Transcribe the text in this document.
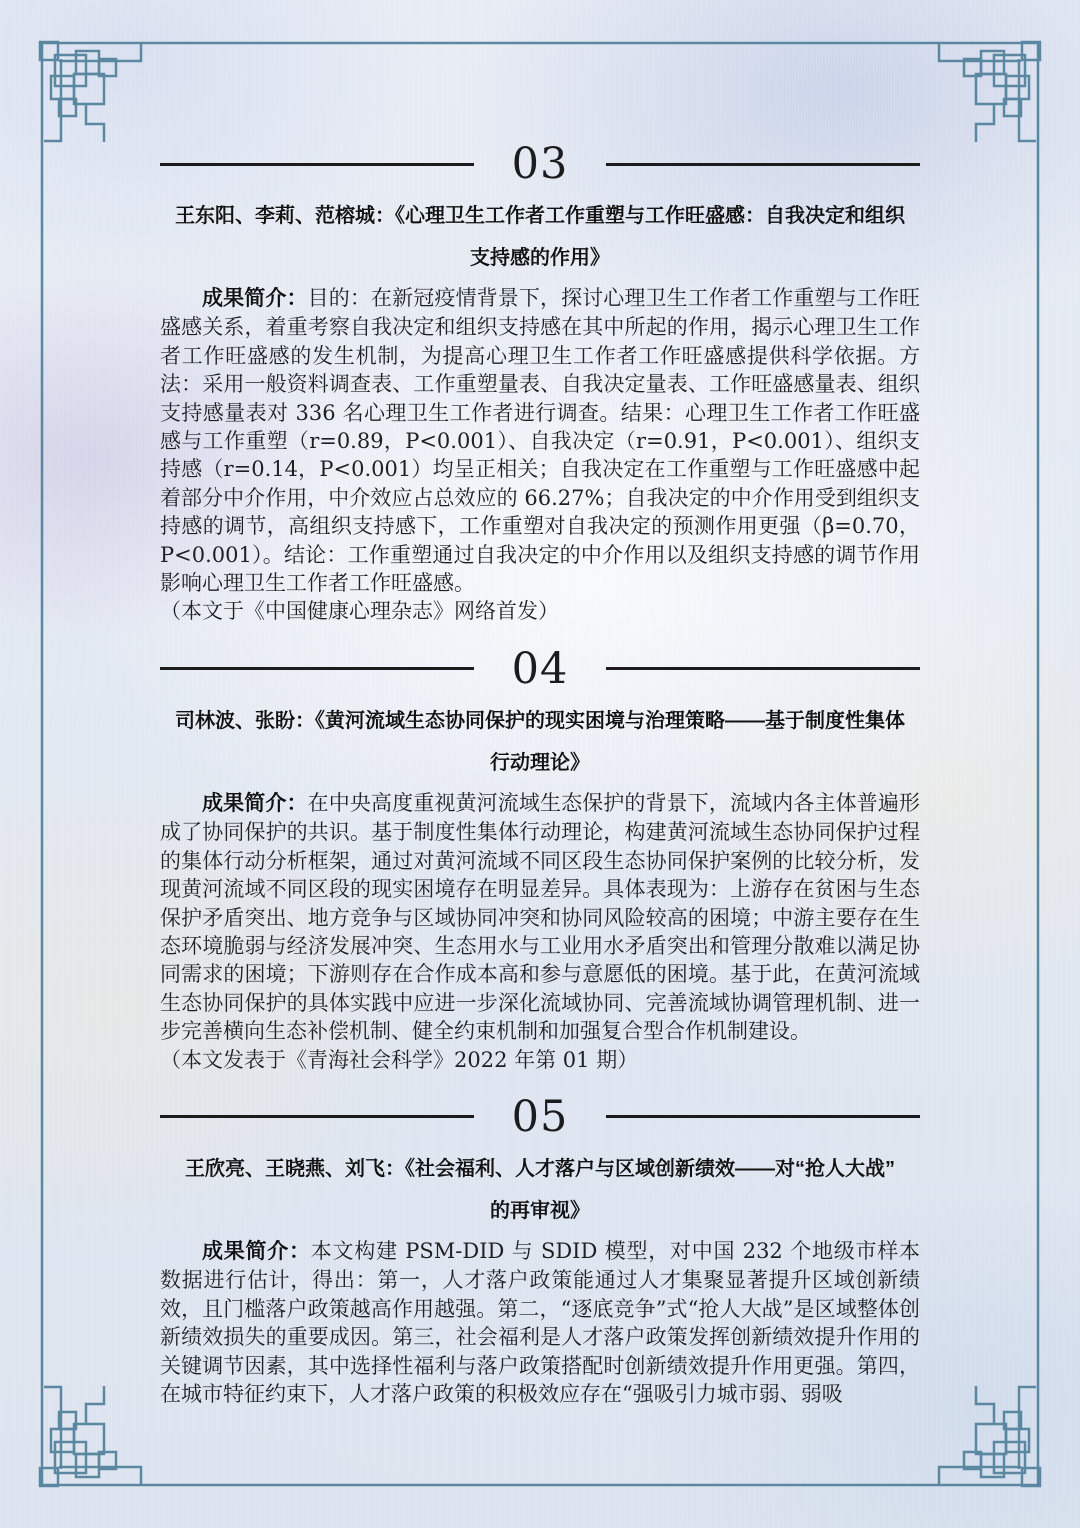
03
王东阳、李莉、范榕城：《心理卫生工作者工作重塑与工作旺盛感：自我决定和组织
支持感的作用》

成果简介：目的：在新冠疫情背景下，探讨心理卫生工作者工作重塑与工作旺盛感关系，着重考察自我决定和组织支持感在其中所起的作用，揭示心理卫生工作者工作旺盛感的发生机制，为提高心理卫生工作者工作旺盛感提供科学依据。方法：采用一般资料调查表、工作重塑量表、自我决定量表、工作旺盛感量表、组织支持感量表对 336 名心理卫生工作者进行调查。结果：心理卫生工作者工作旺盛感与工作重塑（r=0.89，P<0.001）、自我决定（r=0.91，P<0.001）、组织支持感（r=0.14，P<0.001）均呈正相关；自我决定在工作重塑与工作旺盛感中起着部分中介作用，中介效应占总效应的 66.27%；自我决定的中介作用受到组织支持感的调节，高组织支持感下，工作重塑对自我决定的预测作用更强（β=0.70，P<0.001）。结论：工作重塑通过自我决定的中介作用以及组织支持感的调节作用影响心理卫生工作者工作旺盛感。

（本文于《中国健康心理杂志》网络首发）

04
司林波、张盼：《黄河流域生态协同保护的现实困境与治理策略——基于制度性集体
行动理论》

成果简介：在中央高度重视黄河流域生态保护的背景下，流域内各主体普遍形成了协同保护的共识。基于制度性集体行动理论，构建黄河流域生态协同保护过程的集体行动分析框架，通过对黄河流域不同区段生态协同保护案例的比较分析，发现黄河流域不同区段的现实困境存在明显差异。具体表现为：上游存在贫困与生态保护矛盾突出、地方竞争与区域协同冲突和协同风险较高的困境；中游主要存在生态环境脆弱与经济发展冲突、生态用水与工业用水矛盾突出和管理分散难以满足协同需求的困境；下游则存在合作成本高和参与意愿低的困境。基于此，在黄河流域生态协同保护的具体实践中应进一步深化流域协同、完善流域协调管理机制、进一步完善横向生态补偿机制、健全约束机制和加强复合型合作机制建设。

（本文发表于《青海社会科学》2022 年第 01 期）

05
王欣亮、王晓燕、刘飞：《社会福利、人才落户与区域创新绩效——对“抢人大战”
的再审视》

成果简介：本文构建 PSM-DID 与 SDID 模型，对中国 232 个地级市样本数据进行估计，得出：第一，人才落户政策能通过人才集聚显著提升区域创新绩效，且门槛落户政策越高作用越强。第二，“逐底竞争”式“抢人大战”是区域整体创新绩效损失的重要成因。第三，社会福利是人才落户政策发挥创新绩效提升作用的关键调节因素，其中选择性福利与落户政策搭配时创新绩效提升作用更强。第四，在城市特征约束下，人才落户政策的积极效应存在“强吸引力城市弱、弱吸
